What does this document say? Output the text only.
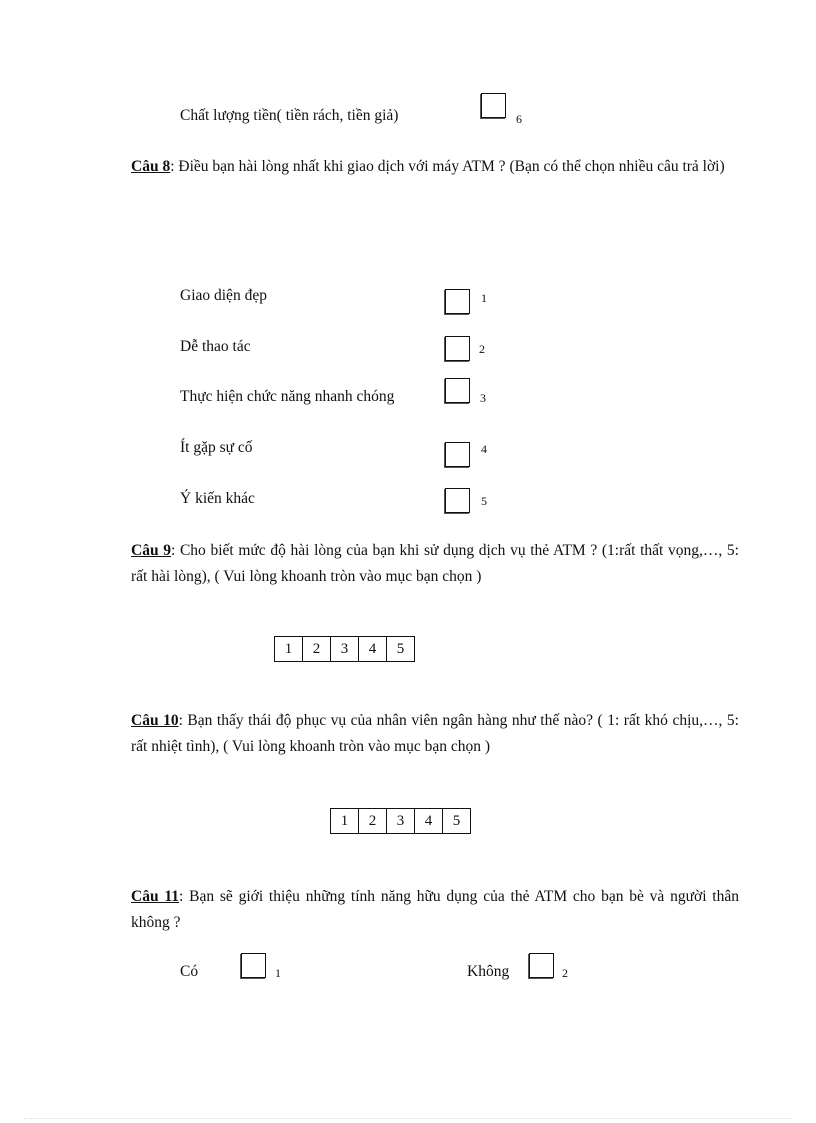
Chất lượng tiền( tiền rách, tiền giả)	6
Câu 8: Điều bạn hài lòng nhất khi giao dịch với máy ATM ? (Bạn có thể chọn nhiều câu trả lời)
Giao diện đẹp	1
Dễ thao tác	2
Thực hiện chức năng nhanh chóng	3
Ít gặp sự cố	4
Ý kiến khác	5
Câu 9: Cho biết mức độ hài lòng của bạn khi sử dụng dịch vụ thẻ ATM ? (1:rất thất vọng,…, 5: rất hài lòng), ( Vui lòng khoanh tròn vào mục bạn chọn )
1	2	3	4	5
Câu 10: Bạn thấy thái độ phục vụ của nhân viên ngân hàng như thế nào? ( 1: rất khó chịu,…, 5: rất nhiệt tình), ( Vui lòng khoanh tròn vào mục bạn chọn )
1	2	3	4	5
Câu 11: Bạn sẽ giới thiệu những tính năng hữu dụng của thẻ ATM cho bạn bè và người thân không ?
Có	1	Không	2
